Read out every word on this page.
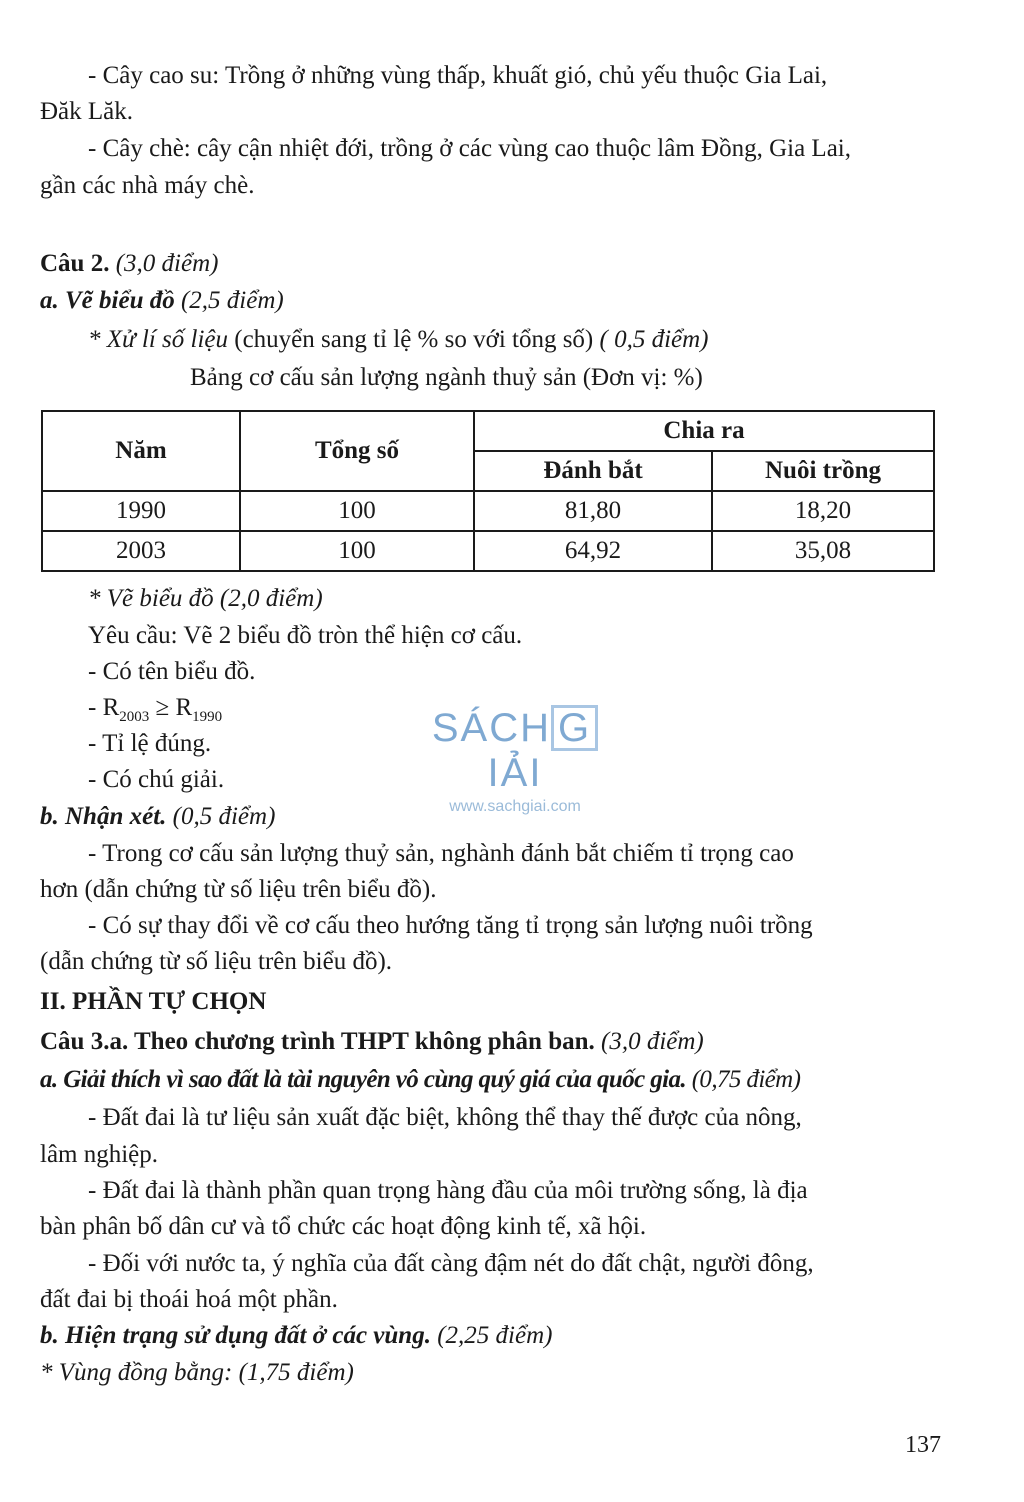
- Cây cao su: Trồng ở những vùng thấp, khuất gió, chủ yếu thuộc Gia Lai,
Đăk Lăk.
- Cây chè: cây cận nhiệt đới, trồng ở các vùng cao thuộc lâm Đồng, Gia Lai,
gần các nhà máy chè.
Câu 2. (3,0 điểm)
a. Vẽ biểu đồ (2,5 điểm)
* Xử lí số liệu (chuyển sang tỉ lệ % so với tổng số) ( 0,5 điểm)
Bảng cơ cấu sản lượng ngành thuỷ sản (Đơn vị: %)
Năm	Tổng số	Chia ra	
		Đánh bắt	Nuôi trồng
1990	100	81,80	18,20
2003	100	64,92	35,08
* Vẽ biểu đồ (2,0 điểm)
Yêu cầu: Vẽ 2 biểu đồ tròn thể hiện cơ cấu.
- Có tên biểu đồ.
- $R_{2003} \ge R_{1990}$
- Tỉ lệ đúng.
- Có chú giải.
b. Nhận xét. (0,5 điểm)
- Trong cơ cấu sản lượng thuỷ sản, nghành đánh bắt chiếm tỉ trọng cao
hơn (dẫn chứng từ số liệu trên biểu đồ).
- Có sự thay đổi về cơ cấu theo hướng tăng tỉ trọng sản lượng nuôi trồng
(dẫn chứng từ số liệu trên biểu đồ).
II. PHẦN TỰ CHỌN
Câu 3.a. Theo chương trình THPT không phân ban. (3,0 điểm)
a. Giải thích vì sao đất là tài nguyên vô cùng quý giá của quốc gia. (0,75 điểm)
- Đất đai là tư liệu sản xuất đặc biệt, không thể thay thế được của nông,
lâm nghiệp.
- Đất đai là thành phần quan trọng hàng đầu của môi trường sống, là địa
bàn phân bố dân cư và tổ chức các hoạt động kinh tế, xã hội.
- Đối với nước ta, ý nghĩa của đất càng đậm nét do đất chật, người đông,
đất đai bị thoái hoá một phần.
b. Hiện trạng sử dụng đất ở các vùng. (2,25 điểm)
* Vùng đồng bằng: (1,75 điểm)
SÁCH GIẢI
www.sachgiai.com
137
